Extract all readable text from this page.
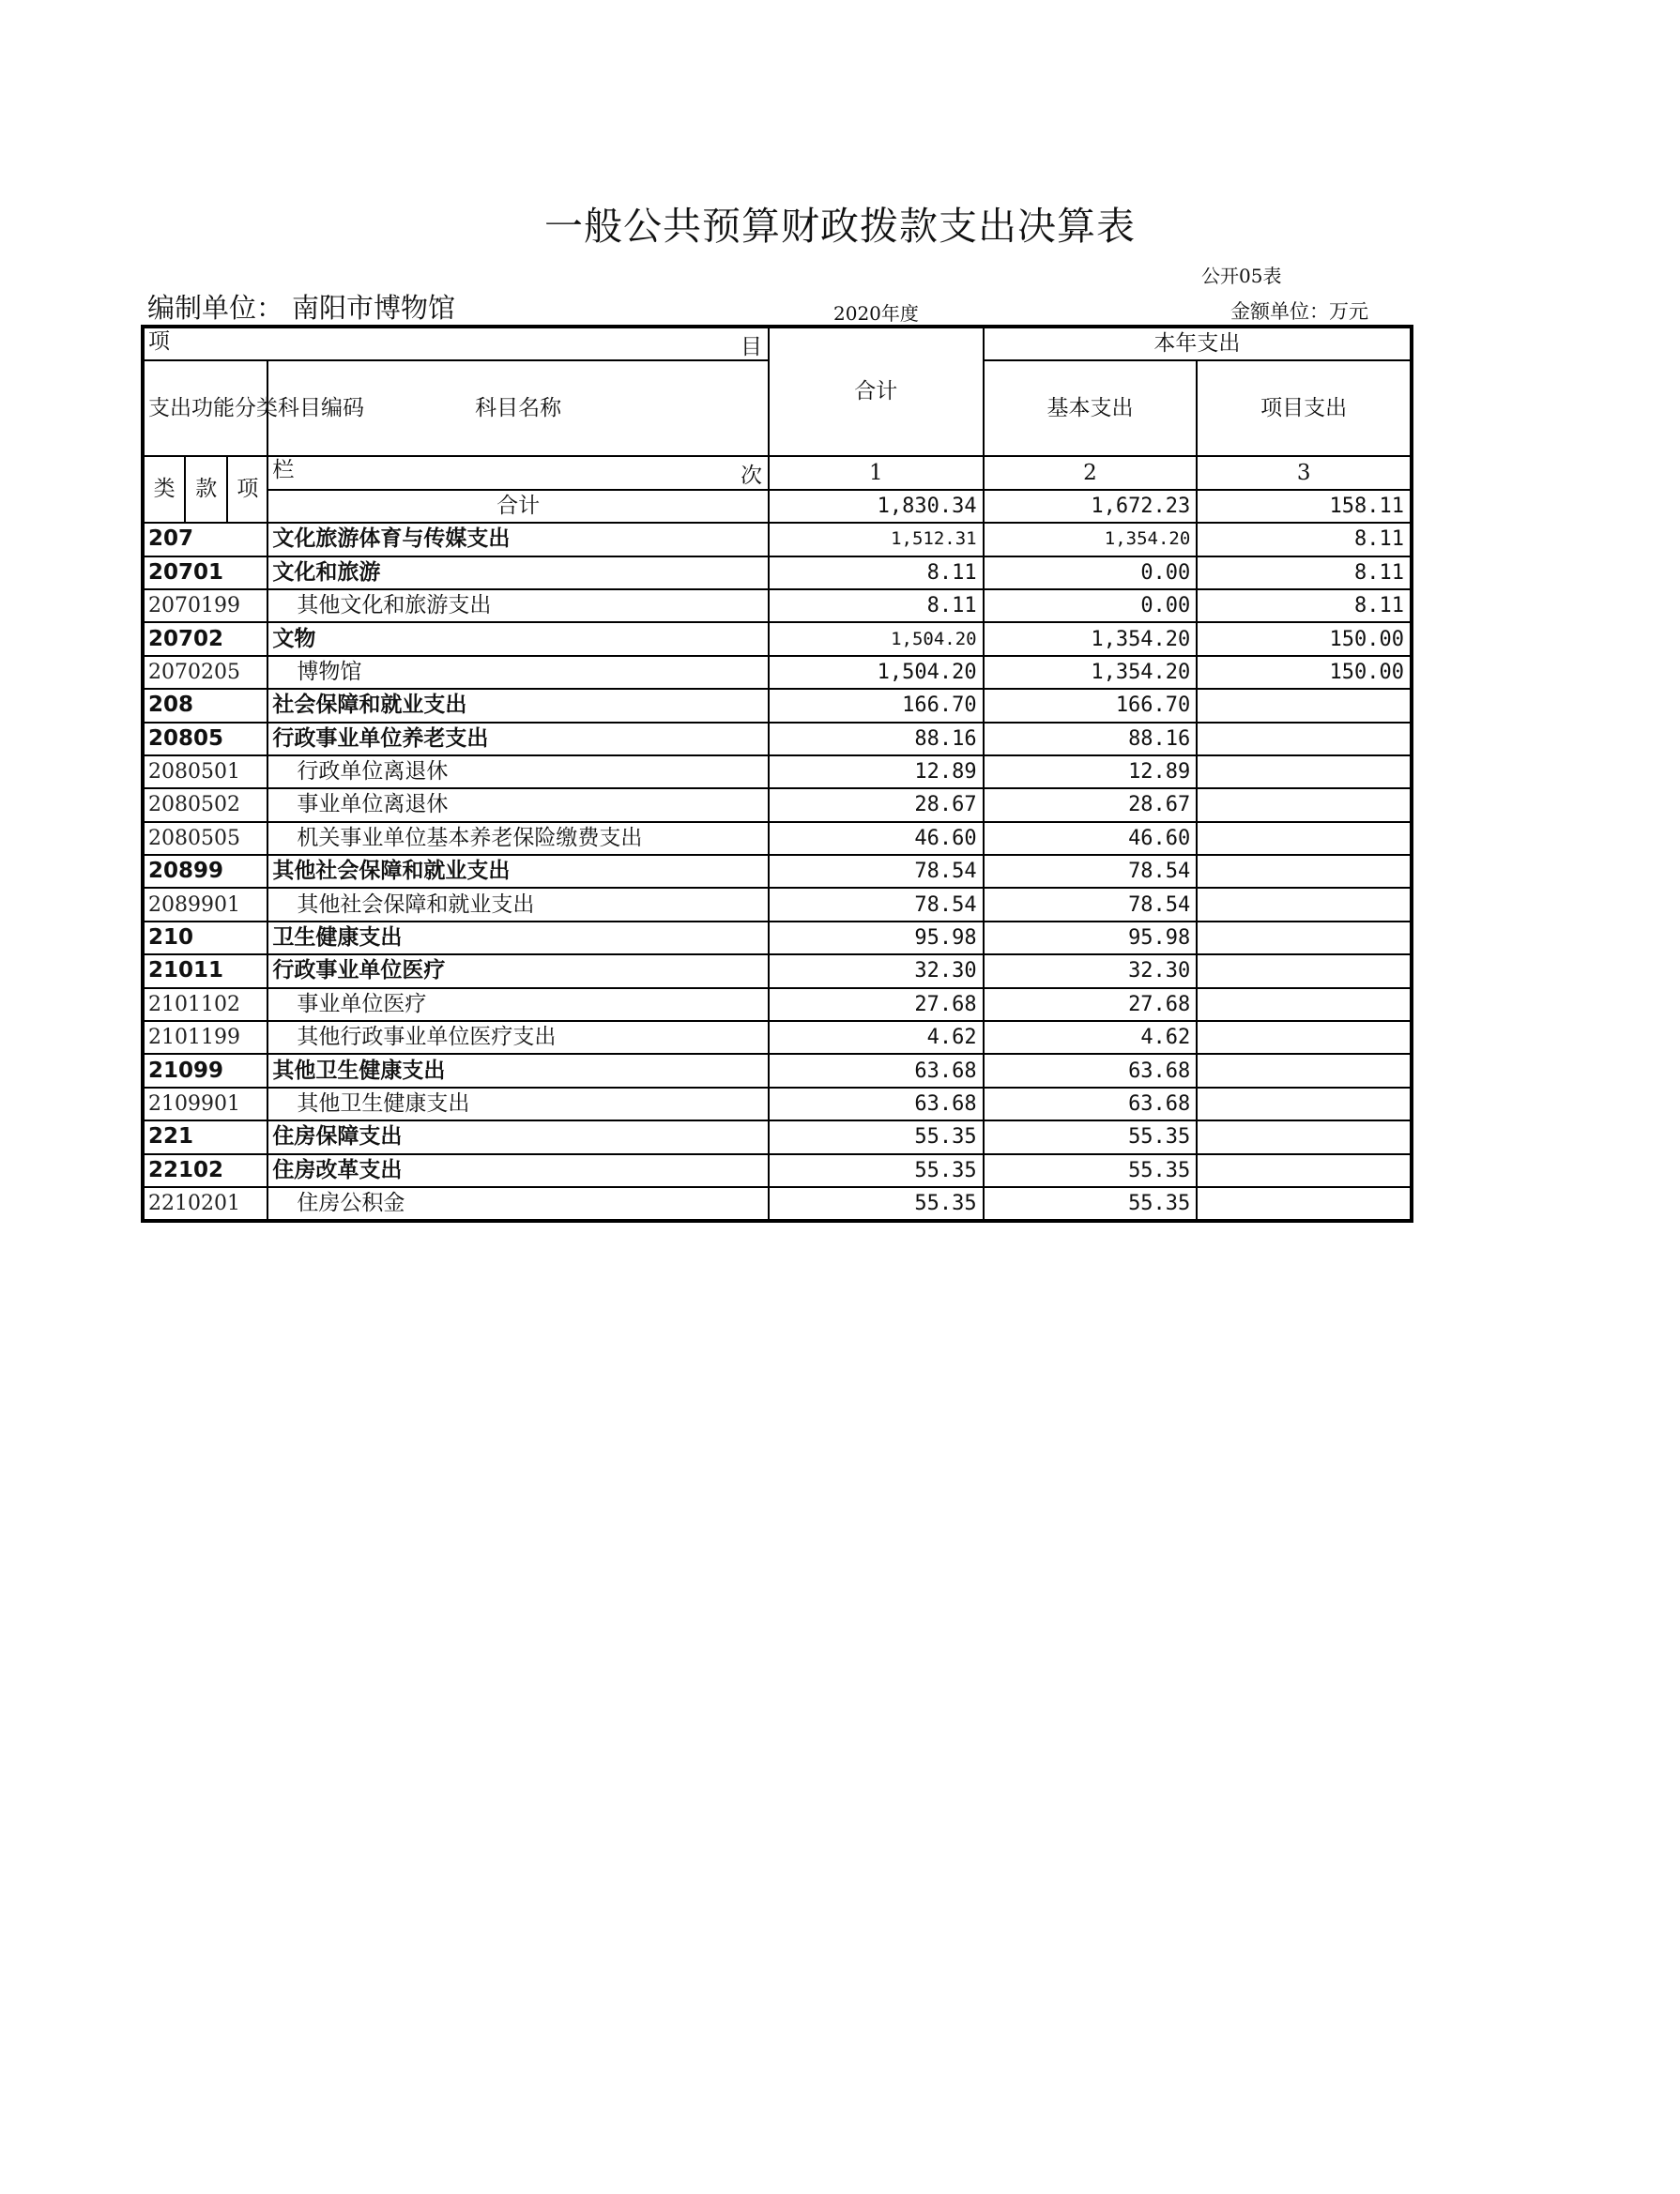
一般公共预算财政拨款支出决算表
公开05表
编制单位： 南阳市博物馆	2020年度	金额单位：万元
项 目				合计	本年支出	
支出功能分类科目编码			科目名称		基本支出	项目支出
类	款	项	栏 次	1	2	3
			合计	1,830.34	1,672.23	158.11
207			文化旅游体育与传媒支出	1,512.31	1,354.20	8.11
20701			文化和旅游	8.11	0.00	8.11
2070199			其他文化和旅游支出	8.11	0.00	8.11
20702			文物	1,504.20	1,354.20	150.00
2070205			博物馆	1,504.20	1,354.20	150.00
208			社会保障和就业支出	166.70	166.70	
20805			行政事业单位养老支出	88.16	88.16	
2080501			行政单位离退休	12.89	12.89	
2080502			事业单位离退休	28.67	28.67	
2080505			机关事业单位基本养老保险缴费支出	46.60	46.60	
20899			其他社会保障和就业支出	78.54	78.54	
2089901			其他社会保障和就业支出	78.54	78.54	
210			卫生健康支出	95.98	95.98	
21011			行政事业单位医疗	32.30	32.30	
2101102			事业单位医疗	27.68	27.68	
2101199			其他行政事业单位医疗支出	4.62	4.62	
21099			其他卫生健康支出	63.68	63.68	
2109901			其他卫生健康支出	63.68	63.68	
221			住房保障支出	55.35	55.35	
22102			住房改革支出	55.35	55.35	
2210201			住房公积金	55.35	55.35	
